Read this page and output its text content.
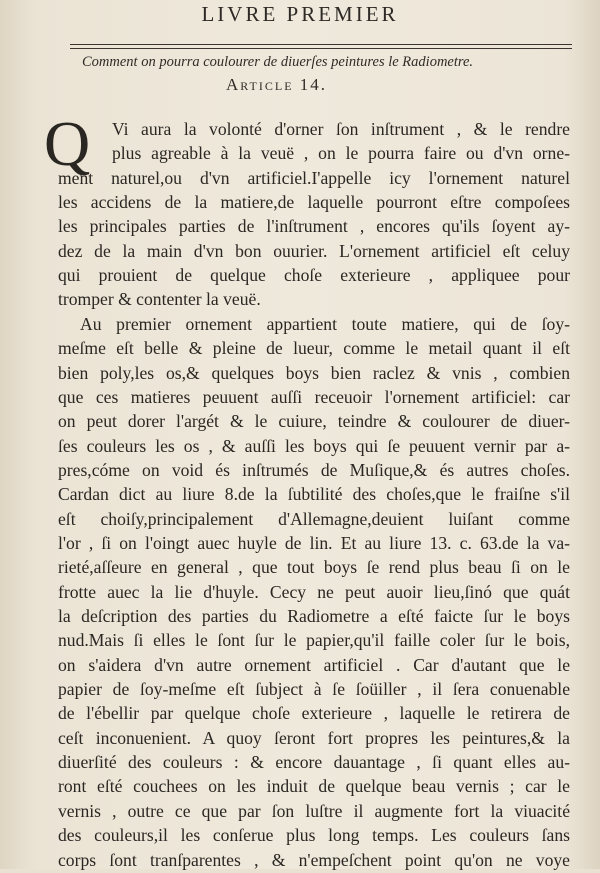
LIVRE PREMIER
Comment on pourra coulourer de diuerſes peintures le Radiometre.
Article 14.
Q Vi aura la volonté d'orner ſon inſtrument , & le rendre
plus agreable à la veuë , on le pourra faire ou d'vn orne-
ment naturel,ou d'vn artificiel.I'appelle icy l'ornement naturel
les accidens de la matiere,de laquelle pourront eſtre compoſees
les principales parties de l'inſtrument , encores qu'ils ſoyent ay-
dez de la main d'vn bon ouurier. L'ornement artificiel eſt celuy
qui prouient de quelque choſe exterieure , appliquee pour
tromper & contenter la veuë.
Au premier ornement appartient toute matiere, qui de ſoy-
meſme eſt belle & pleine de lueur, comme le metail quant il eſt
bien poly,les os,& quelques boys bien raclez & vnis , combien
que ces matieres peuuent auſſi receuoir l'ornement artificiel: car
on peut dorer l'argét & le cuiure, teindre & coulourer de diuer-
ſes couleurs les os , & auſſi les boys qui ſe peuuent vernir par a-
pres,cóme on void és inſtrumés de Muſique,& és autres choſes.
Cardan dict au liure 8.de la ſubtilité des choſes,que le fraiſne s'il
eſt choiſy,principalement d'Allemagne,deuient luiſant comme
l'or , ſi on l'oingt auec huyle de lin. Et au liure 13. c. 63.de la va-
rieté,aſſeure en general , que tout boys ſe rend plus beau ſi on le
frotte auec la lie d'huyle. Cecy ne peut auoir lieu,ſinó que quát
la deſcription des parties du Radiometre a eſté faicte ſur le boys
nud.Mais ſi elles le ſont ſur le papier,qu'il faille coler ſur le bois,
on s'aidera d'vn autre ornement artificiel . Car d'autant que le
papier de ſoy-meſme eſt ſubject à ſe ſoüiller , il ſera conuenable
de l'ébellir par quelque choſe exterieure , laquelle le retirera de
ceſt inconuenient. A quoy ſeront fort propres les peintures,& la
diuerſité des couleurs : & encore dauantage , ſi quant elles au-
ront eſté couchees on les induit de quelque beau vernis ; car le
vernis , outre ce que par ſon luſtre il augmente fort la viuacité
des couleurs,il les conſerue plus long temps. Les couleurs ſans
corps ſont tranſparentes , & n'empeſchent point qu'on ne voye
